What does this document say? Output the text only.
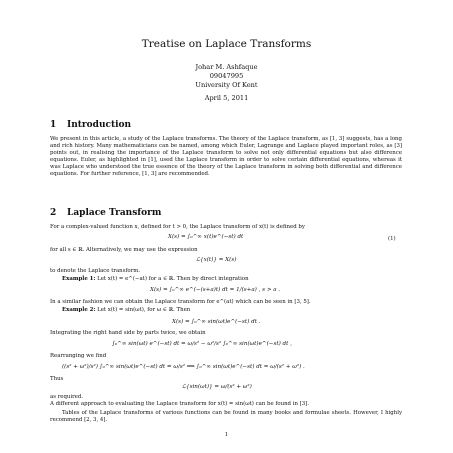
Treatise on Laplace Transforms
Johar M. Ashfaque
09047995
University Of Kent
April 5, 2011
1 Introduction
We present in this article, a study of the Laplace transforms. The theory of the Laplace transform, as [1, 3] suggests, has a long and rich history. Many mathematicians can be named, among which Euler, Lagrange and Laplace played important roles, as [3] points out, in realising the importance of the Laplace transform to solve not only differential equations but also difference equations. Euler, as highlighted in [1], used the Laplace transform in order to solve certain differential equations, whereas it was Laplace who understood the true essence of the theory of the Laplace transform in solving both differential and difference equations. For further reference, [1, 3] are recommended.
2 Laplace Transform
For a complex-valued function x, defined for t > 0, the Laplace transform of x(t) is defined by
X(s) = ∫₀^∞ x(t)e^(−st) dt	(1)
for all s ∈ ℝ. Alternatively, we may use the expression
ℒ{x(t)} = X(s)
to denote the Laplace transform.
Example 1: Let x(t) = e^(−at) for a ∈ ℝ. Then by direct integration
X(s) = ∫₀^∞ e^(−(s+a)t) dt = 1/(s+a) , s > a .
In a similar fashion we can obtain the Laplace transform for e^(at) which can be seen in [3, 5].
Example 2: Let x(t) = sin(ωt), for ω ∈ ℝ. Then
X(s) = ∫₀^∞ sin(ωt)e^(−st) dt .
Integrating the right hand side by parts twice, we obtain
∫₀^∞ sin(ωt) e^(−st) dt = ω/s² − ω²/s² ∫₀^∞ sin(ωt)e^(−st) dt ,
Rearranging we find
((s² + ω²)/s²) ∫₀^∞ sin(ωt)e^(−st) dt = ω/s² ⟹ ∫₀^∞ sin(ωt)e^(−st) dt = ω/(s² + ω²) .
Thus
ℒ{sin(ωt)} = ω/(s² + ω²)
as required.
A different approach to evaluating the Laplace transform for x(t) = sin(ωt) can be found in [3].
Tables of the Laplace transforms of various functions can be found in many books and formulae sheets. However, I highly recommend [2, 3, 4].
1
